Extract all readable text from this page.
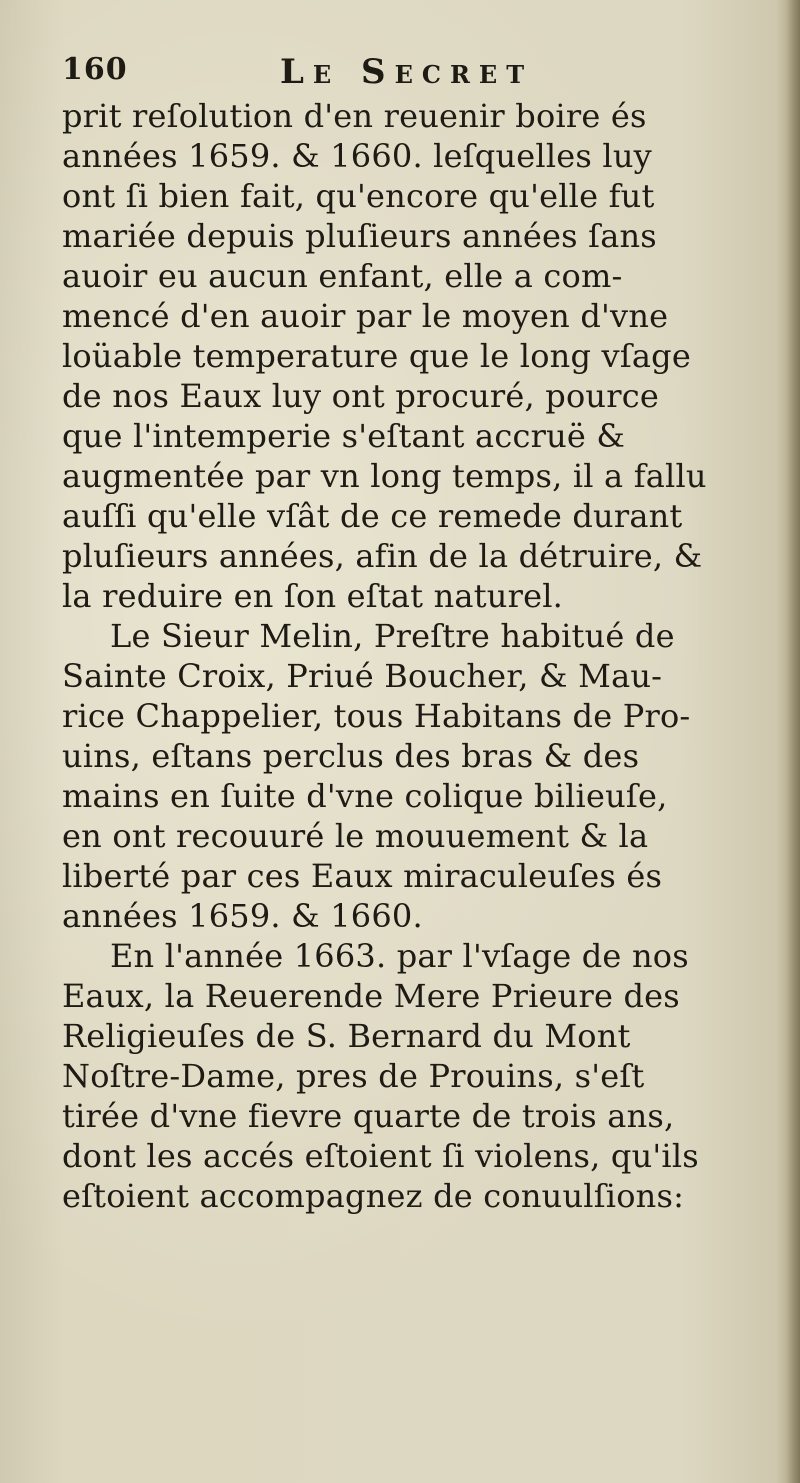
160	Le Secret
prit reſolution d'en reuenir boire és
années 1659. & 1660. leſquelles luy
ont ſi bien fait, qu'encore qu'elle fut
mariée depuis pluſieurs années ſans
auoir eu aucun enfant, elle a com-
mencé d'en auoir par le moyen d'vne
loüable temperature que le long vſage
de nos Eaux luy ont procuré, pource
que l'intemperie s'eſtant accruë &
augmentée par vn long temps, il a fallu
auſſi qu'elle vſât de ce remede durant
pluſieurs années, afin de la détruire, &
la reduire en ſon eſtat naturel.
Le Sieur Melin, Preſtre habitué de
Sainte Croix, Priué Boucher, & Mau-
rice Chappelier, tous Habitans de Pro-
uins, eſtans perclus des bras & des
mains en ſuite d'vne colique bilieuſe,
en ont recouuré le mouuement & la
liberté par ces Eaux miraculeuſes és
années 1659. & 1660.
En l'année 1663. par l'vſage de nos
Eaux, la Reuerende Mere Prieure des
Religieuſes de S. Bernard du Mont
Noſtre-Dame, pres de Prouins, s'eſt
tirée d'vne fievre quarte de trois ans,
dont les accés eſtoient ſi violens, qu'ils
eſtoient accompagnez de conuulſions:
